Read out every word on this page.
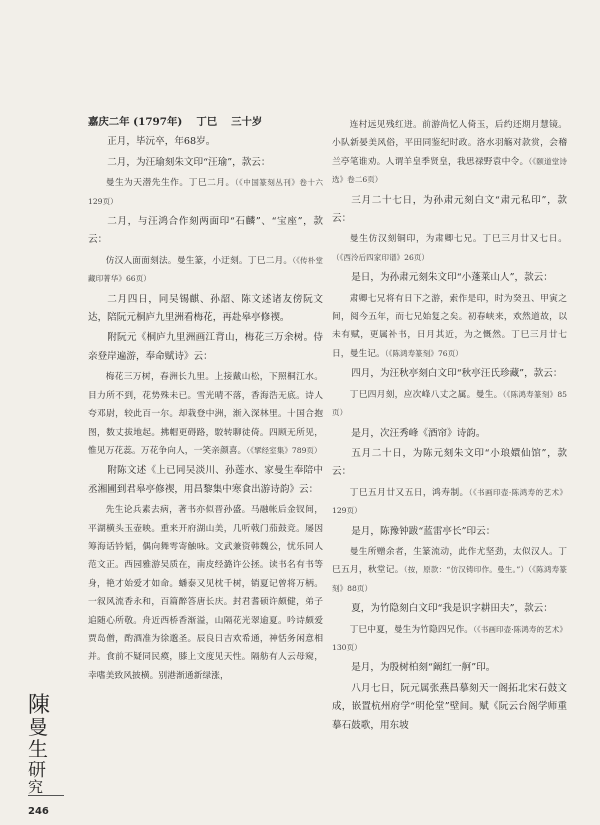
嘉庆二年 (1797年) 丁巳 三十岁

正月，毕沅卒，年68岁。

二月，为汪瑜刻朱文印“汪瑜”，款云：

曼生为天潜先生作。丁巳二月。（《中国篆刻丛刊》卷十六129页）

二月，与汪鸿合作刻两面印“石麟”、“宝座”，款云：

仿汉人面面刻法。曼生篆，小迂刻。丁巳二月。（《传朴堂藏印菁华》66页）

二月四日，同吴锡麒、孙韶、陈文述诸友傍阮文达，陪阮元桐庐九里洲看梅花，再赴皋亭修禊。

附阮元《桐庐九里洲画江背山，梅花三万余树。侍亲登岸遍游，奉命赋诗》云：

梅花三万树，春洲长九里。上接戴山松，下照桐江水。目力所不到，花势殊未已。雪光晴不落，香海浩无底。诗人夸邓尉，较此百一尔。却栽登中洲，渐入深林里。十国合抱图，数丈拔地起。拂帽更碍路，駮转聊徒倚。四顾无所见，惟见万花蕊。万花争向人，一笑亲颜喜。（《揅经室集》789页）

附陈文述《上已同吴淡川、孙莲水、家曼生奉陪中丞湘圃到君皋亭修禊，用昌黎集中寒食出游诗韵》云：

先生论兵素去病，著书亦似晋孙盛。马融帐后金钗间，平湖横头玉壶映。重来开府湖山美，几听戟门茄鼓竞。屡因筹海话钤韬，偶向舞雩寄触咏。文武兼资韩魏公，忧乐同人范文正。西园雅游吴质在，南皮经潞许公拯。读书名有书等身，艳才始爱才如命。蟠泰又见枕千树，销夏记曾将万柄。一叙风流香永和，百篇醉答唐长庆。封君耆硕许颇健，弟子追随心所敬。舟近西桥香渐溢，山隔花光翠逾夏。吟诗颇爱贾岛僧，酌酒准为徐邈圣。辰良日吉欢希通，神恬务闲意相并。食前不疑同民瘼，膝上文度见天性。隔舫有人云母窥，幸嗜美致风披横。别港渐通新绿涨，

连村远见残红迸。前游尚忆人倚玉，后约还期月慧镜。小队新晏美风俗，平田同鉴纪时政。洛水羽觞对款赏，会稽兰亭笔谁劝。人谓羊皇季贤皇，我思禄野袁中令。（《颐道堂诗选》卷二6页）

三月二十七日，为孙肃元刻白文“肃元私印”，款云：

曼生仿汉刻铜印，为肃卿七兄。丁巳三月廿又七日。（《西泠后四家印谱》26页）

是日，为孙肃元刻朱文印“小蓬莱山人”，款云：

肃卿七兄将有日下之游，索作是印，时为癸丑、甲寅之间，阅今五年，而七兄始复之矣。初春峡来，欢然道故，以未有赋，更属补书，日月其近，为之慨然。丁巳三月廿七日，曼生记。（《陈鸿寿篆刻》76页）

四月，为汪秋亭刻白文印“秋亭汪氏珍藏”，款云：

丁巳四月刻，应次峰八丈之属。曼生。（《陈鸿寿篆刻》85页）

是月，次汪秀峰《酒帘》诗韵。

五月二十日，为陈元刻朱文印“小琅嬛仙馆”，款云：

丁巳五月廿又五日，鸿寿制。（《书画印壶·陈鸿寿的艺术》129页）

是月，陈豫钟跋“蓝雷亭长”印云：

曼生所赠余者，生篆流动，此作尤坚劲，太似汉人。丁巳五月，秋堂记。（按，原款：“仿汉铸印作。曼生。”）（《陈鸿寿篆刻》88页）

夏，为竹隐刻白文印“我是识字耕田夫”，款云：

丁巳中夏，曼生为竹隐四兄作。（《书画印壶·陈鸿寿的艺术》130页）

是月，为殷树柏刻“阚红一舸”印。

八月七日，阮元属张燕昌摹刻天一阁拓北宋石鼓文成，嵌置杭州府学“明伦堂”壁间。赋《阮云台阁学师重摹石鼓歌，用东坡

陳
曼
生
研
究
246
